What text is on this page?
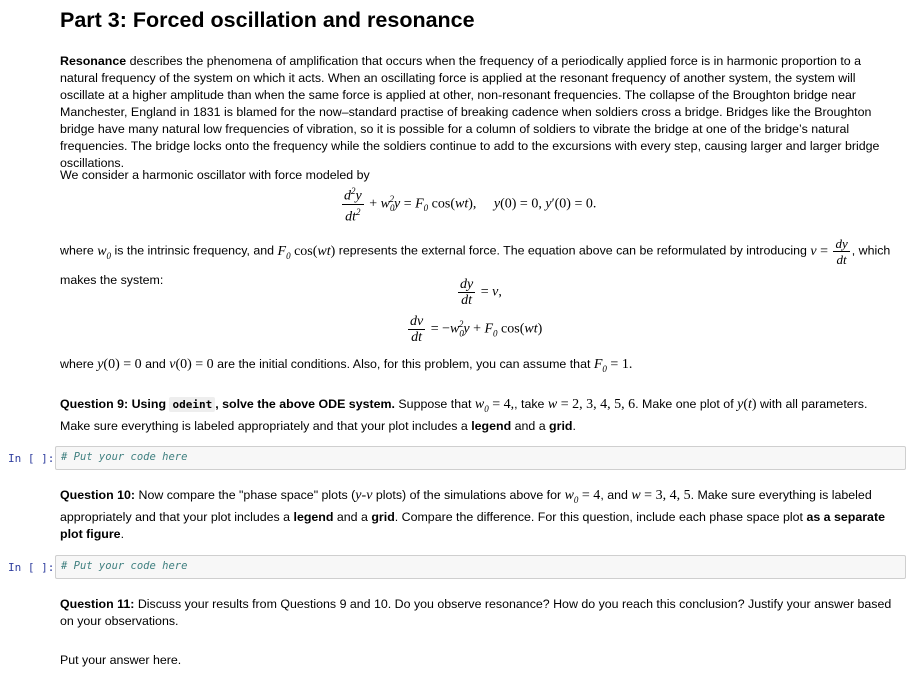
Part 3: Forced oscillation and resonance
Resonance describes the phenomena of amplification that occurs when the frequency of a periodically applied force is in harmonic proportion to a natural frequency of the system on which it acts. When an oscillating force is applied at the resonant frequency of another system, the system will oscillate at a higher amplitude than when the same force is applied at other, non-resonant frequencies. The collapse of the Broughton bridge near Manchester, England in 1831 is blamed for the now–standard practise of breaking cadence when soldiers cross a bridge. Bridges like the Broughton bridge have many natural low frequencies of vibration, so it is possible for a column of soldiers to vibrate the bridge at one of the bridge’s natural frequencies. The bridge locks onto the frequency while the soldiers continue to add to the excursions with every step, causing larger and larger bridge oscillations.
We consider a harmonic oscillator with force modeled by
$\frac{d^2y}{dt^2} + w_0^2y = F_0$ cos(wt),     y(0) = 0, y′(0) = 0.
where $w_0$ is the intrinsic frequency, and $F_0$ cos(wt) represents the external force. The equation above can be reformulated by introducing $v = \frac{dy}{dt}$ , which
makes the system:	$\frac{dy}{dt} = v$,
$\frac{dv}{dt} = -w_0^2y + F_0$ cos(wt)
where y(0) = 0 and v(0) = 0 are the initial conditions. Also, for this problem, you can assume that $F_0 = 1$.
Question 9: Using odeint , solve the above ODE system. Suppose that $w_0 = 4$,, take w = 2, 3, 4, 5, 6. Make one plot of y(t) with all parameters. Make sure everything is labeled appropriately and that your plot includes a legend and a grid.
In [ ]: # Put your code here
Question 10: Now compare the "phase space" plots (y-v plots) of the simulations above for $w_0 = 4$, and w = 3, 4, 5. Make sure everything is labeled appropriately and that your plot includes a legend and a grid. Compare the difference. For this question, include each phase space plot as a separate plot figure.
In [ ]: # Put your code here
Question 11: Discuss your results from Questions 9 and 10. Do you observe resonance? How do you reach this conclusion? Justify your answer based on your observations.
Put your answer here.
